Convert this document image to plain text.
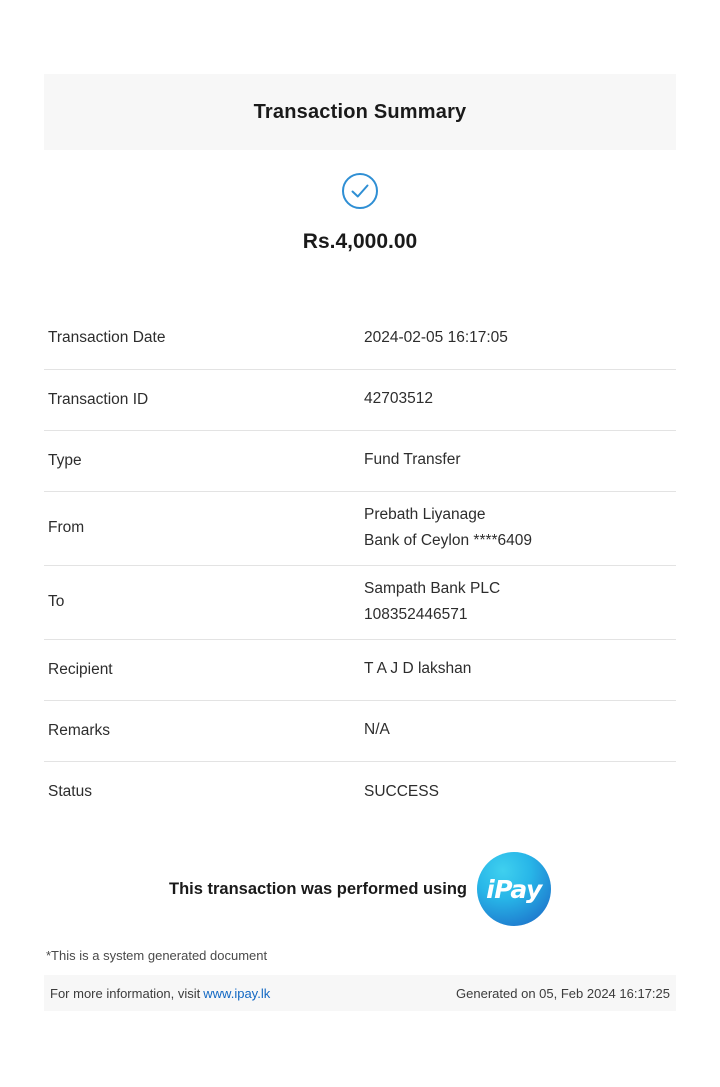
Transaction Summary
Rs.4,000.00
Transaction Date	2024-02-05 16:17:05

Transaction ID	42703512

Type	Fund Transfer

From	Prebath Liyanage
Bank of Ceylon ****6409

To	Sampath Bank PLC
108352446571

Recipient	T A J D lakshan

Remarks	N/A

Status	SUCCESS
This transaction was performed using iPay
*This is a system generated document
For more information, visit www.ipay.lk	Generated on 05, Feb 2024 16:17:25
